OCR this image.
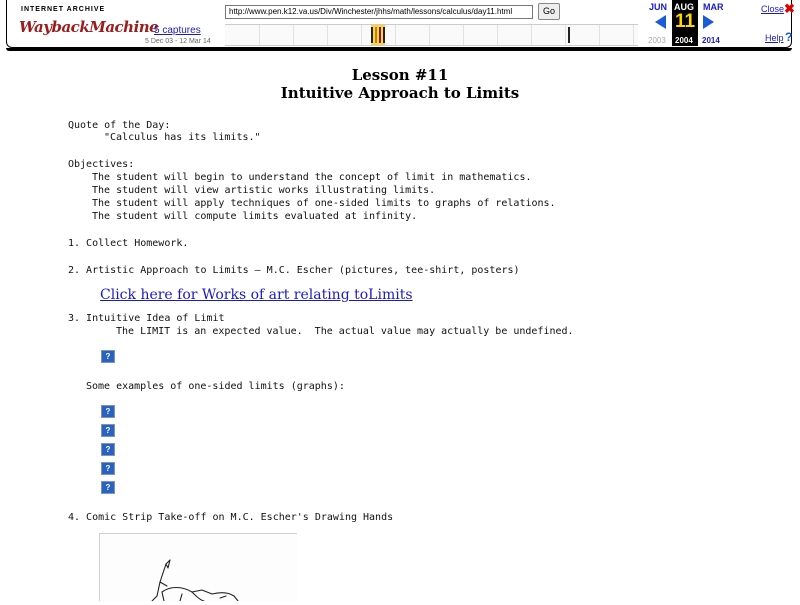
INTERNET ARCHIVE
WaybackMachine
5 captures
5 Dec 03 - 12 Mar 14
http://www.pen.k12.va.us/Div/Winchester/jhhs/math/lessons/calculus/day11.html	Go	JUN AUG
11
MAR
2003 2004 2014
Close ✖
Help ?
Lesson #11
Intuitive Approach to Limits
Quote of the Day:
"Calculus has its limits."
Objectives:
The student will begin to understand the concept of limit in mathematics.
The student will view artistic works illustrating limits.
The student will apply techniques of one-sided limits to graphs of relations.
The student will compute limits evaluated at infinity.
1. Collect Homework.
2. Artistic Approach to Limits — M.C. Escher (pictures, tee-shirt, posters)
Click here for Works of art relating toLimits
3. Intuitive Idea of Limit
The LIMIT is an expected value.  The actual value may actually be undefined.
?
Some examples of one-sided limits (graphs):
?
?
?
?
?
4. Comic Strip Take-off on M.C. Escher's Drawing Hands
